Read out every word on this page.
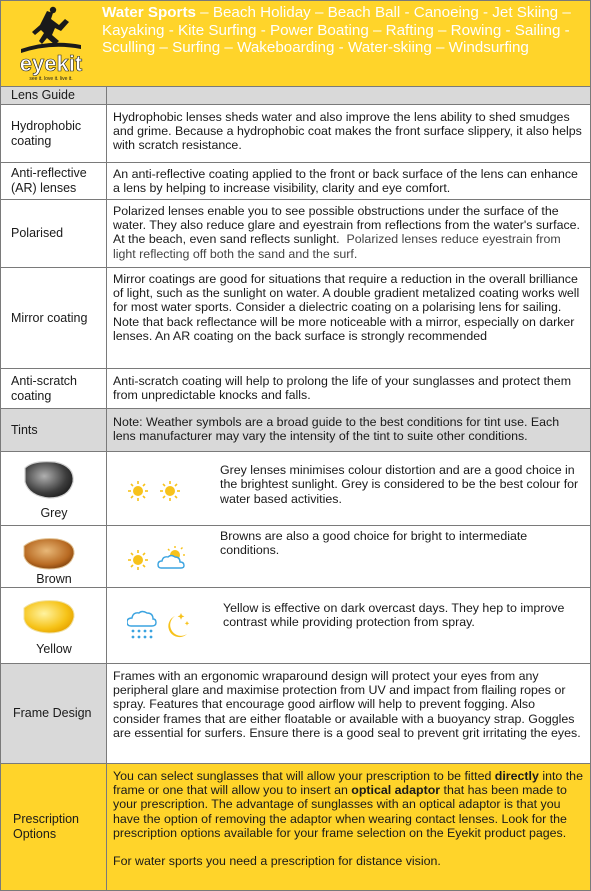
eyekit
see it. love it. live it.
Water Sports – Beach Holiday – Beach Ball - Canoeing - Jet Skiing – Kayaking - Kite Surfing - Power Boating – Rafting – Rowing - Sailing - Sculling – Surfing – Wakeboarding - Water-skiing – Windsurfing
Lens Guide
Hydrophobic coating
Hydrophobic lenses sheds water and also improve the lens ability to shed smudges and grime. Because a hydrophobic coat makes the front surface slippery, it also helps with scratch resistance.
Anti-reflective (AR) lenses
An anti-reflective coating applied to the front or back surface of the lens can enhance a lens by helping to increase visibility, clarity and eye comfort.
Polarised
Polarized lenses enable you to see possible obstructions under the surface of the water. They also reduce glare and eyestrain from reflections from the water's surface. At the beach, even sand reflects sunlight. Polarized lenses reduce eyestrain from light reflecting off both the sand and the surf.
Mirror coating
Mirror coatings are good for situations that require a reduction in the overall brilliance of light, such as the sunlight on water. A double gradient metalized coating works well for most water sports. Consider a dielectric coating on a polarising lens for sailing. Note that back reflectance will be more noticeable with a mirror, especially on darker lenses. An AR coating on the back surface is strongly recommended
Anti-scratch coating
Anti-scratch coating will help to prolong the life of your sunglasses and protect them from unpredictable knocks and falls.
Tints
Note: Weather symbols are a broad guide to the best conditions for tint use. Each lens manufacturer may vary the intensity of the tint to suite other conditions.
Grey
Grey lenses minimises colour distortion and are a good choice in the brightest sunlight. Grey is considered to be the best colour for water based activities.
Brown
Browns are also a good choice for bright to intermediate conditions.
Yellow
Yellow is effective on dark overcast days. They hep to improve contrast while providing protection from spray.
Frame Design
Frames with an ergonomic wraparound design will protect your eyes from any peripheral glare and maximise protection from UV and impact from flailing ropes or spray. Features that encourage good airflow will help to prevent fogging. Also consider frames that are either floatable or available with a buoyancy strap. Goggles are essential for surfers. Ensure there is a good seal to prevent grit irritating the eyes.
Prescription Options
You can select sunglasses that will allow your prescription to be fitted directly into the frame or one that will allow you to insert an optical adaptor that has been made to your prescription. The advantage of sunglasses with an optical adaptor is that you have the option of removing the adaptor when wearing contact lenses. Look for the prescription options available for your frame selection on the Eyekit product pages.
For water sports you need a prescription for distance vision.
